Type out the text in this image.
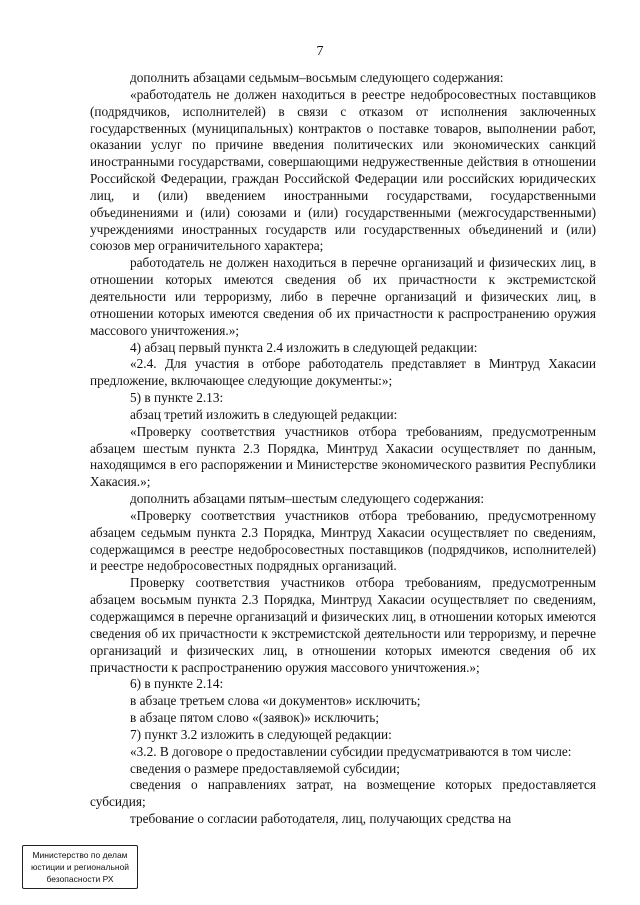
7

дополнить абзацами седьмым–восьмым следующего содержания:

«работодатель не должен находиться в реестре недобросовестных поставщиков (подрядчиков, исполнителей) в связи с отказом от исполнения заключенных государственных (муниципальных) контрактов о поставке товаров, выполнении работ, оказании услуг по причине введения политических или экономических санкций иностранными государствами, совершающими недружественные действия в отношении Российской Федерации, граждан Российской Федерации или российских юридических лиц, и (или) введением иностранными государствами, государственными объединениями и (или) союзами и (или) государственными (межгосударственными) учреждениями иностранных государств или государственных объединений и (или) союзов мер ограничительного характера;

работодатель не должен находиться в перечне организаций и физических лиц, в отношении которых имеются сведения об их причастности к экстремистской деятельности или терроризму, либо в перечне организаций и физических лиц, в отношении которых имеются сведения об их причастности к распространению оружия массового уничтожения.»;

4) абзац первый пункта 2.4 изложить в следующей редакции:

«2.4. Для участия в отборе работодатель представляет в Минтруд Хакасии предложение, включающее следующие документы:»;

5) в пункте 2.13:

абзац третий изложить в следующей редакции:

«Проверку соответствия участников отбора требованиям, предусмотренным абзацем шестым пункта 2.3 Порядка, Минтруд Хакасии осуществляет по данным, находящимся в его распоряжении и Министерстве экономического развития Республики Хакасия.»;

дополнить абзацами пятым–шестым следующего содержания:

«Проверку соответствия участников отбора требованию, предусмотренному абзацем седьмым пункта 2.3 Порядка, Минтруд Хакасии осуществляет по сведениям, содержащимся в реестре недобросовестных поставщиков (подрядчиков, исполнителей) и реестре недобросовестных подрядных организаций.

Проверку соответствия участников отбора требованиям, предусмотренным абзацем восьмым пункта 2.3 Порядка, Минтруд Хакасии осуществляет по сведениям, содержащимся в перечне организаций и физических лиц, в отношении которых имеются сведения об их причастности к экстремистской деятельности или терроризму, и перечне организаций и физических лиц, в отношении которых имеются сведения об их причастности к распространению оружия массового уничтожения.»;

6) в пункте 2.14:

в абзаце третьем слова «и документов» исключить;

в абзаце пятом слово «(заявок)» исключить;

7) пункт 3.2 изложить в следующей редакции:

«3.2. В договоре о предоставлении субсидии предусматриваются в том числе:

сведения о размере предоставляемой субсидии;

сведения о направлениях затрат, на возмещение которых предоставляется субсидия;

требование о согласии работодателя, лиц, получающих средства на

Министерство по делам
юстиции и региональной
безопасности РХ
